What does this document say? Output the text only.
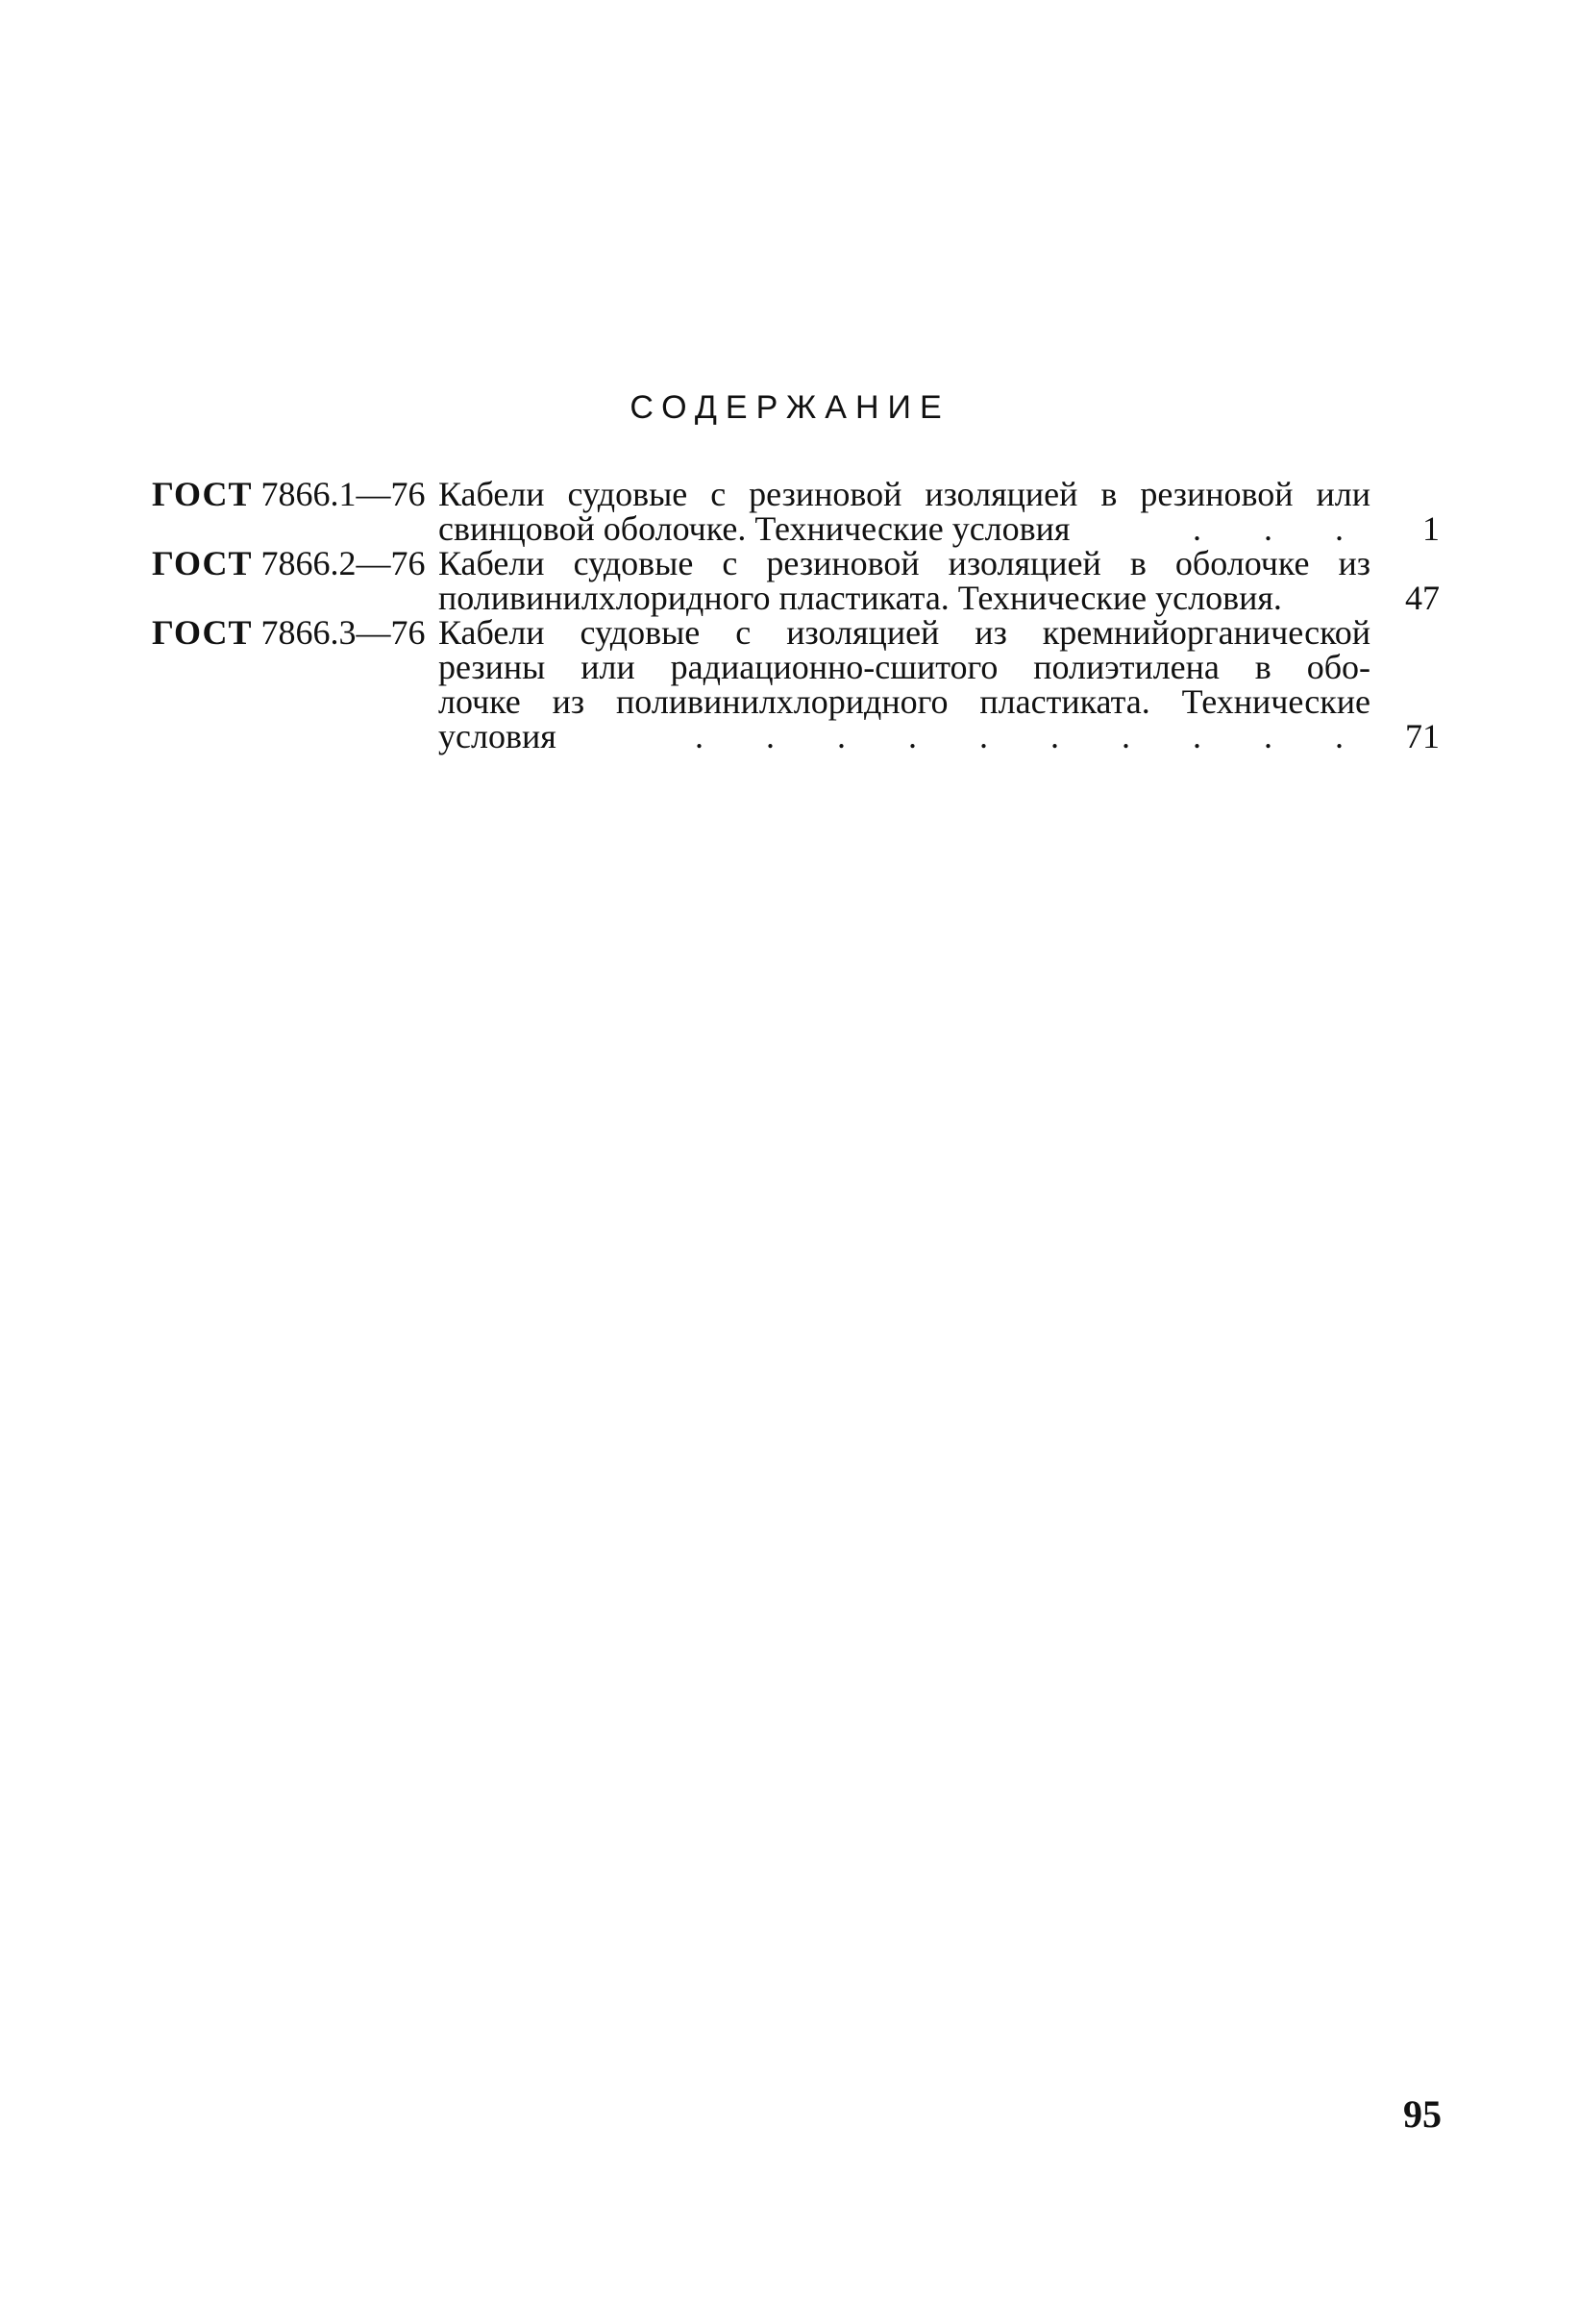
СОДЕРЖАНИЕ
ГОСТ 7866.1—76 Кабели судовые с резиновой изоляцией в резиновой или
свинцовой оболочке. Технические условия	. . .	1
ГОСТ 7866.2—76 Кабели судовые с резиновой изоляцией в оболочке из
поливинилхлоридного пластиката. Технические условия.	47
ГОСТ 7866.3—76 Кабели судовые с изоляцией из кремнийорганической
резины или радиационно-сшитого полиэтилена в обо-
лочке из поливинилхлоридного пластиката. Технические
условия	. . . . . . . . . .	71
95
